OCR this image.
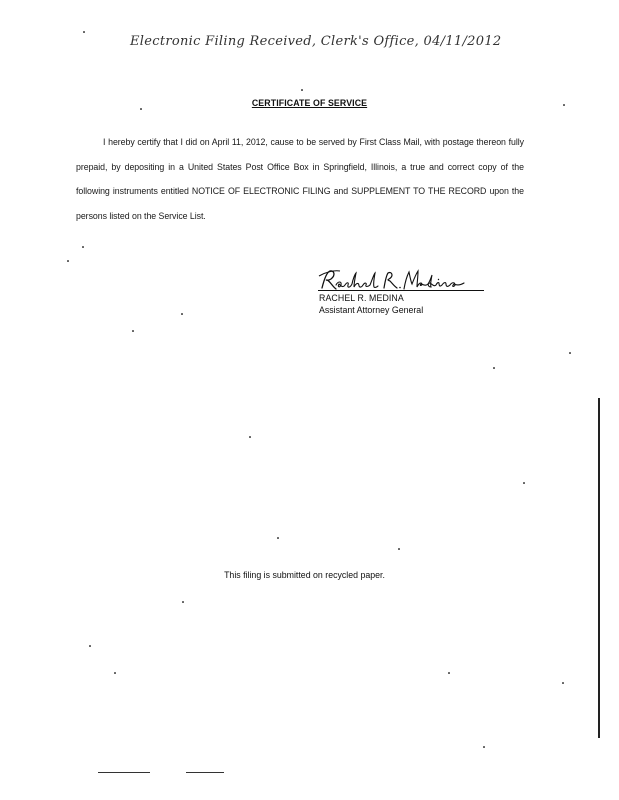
Electronic Filing Received, Clerk's Office, 04/11/2012
CERTIFICATE OF SERVICE
I hereby certify that I did on April 11, 2012, cause to be served by First Class Mail, with postage thereon fully prepaid, by depositing in a United States Post Office Box in Springfield, Illinois, a true and correct copy of the following instruments entitled NOTICE OF ELECTRONIC FILING and SUPPLEMENT TO THE RECORD upon the persons listed on the Service List.
RACHEL R. MEDINA
Assistant Attorney General
This filing is submitted on recycled paper.
